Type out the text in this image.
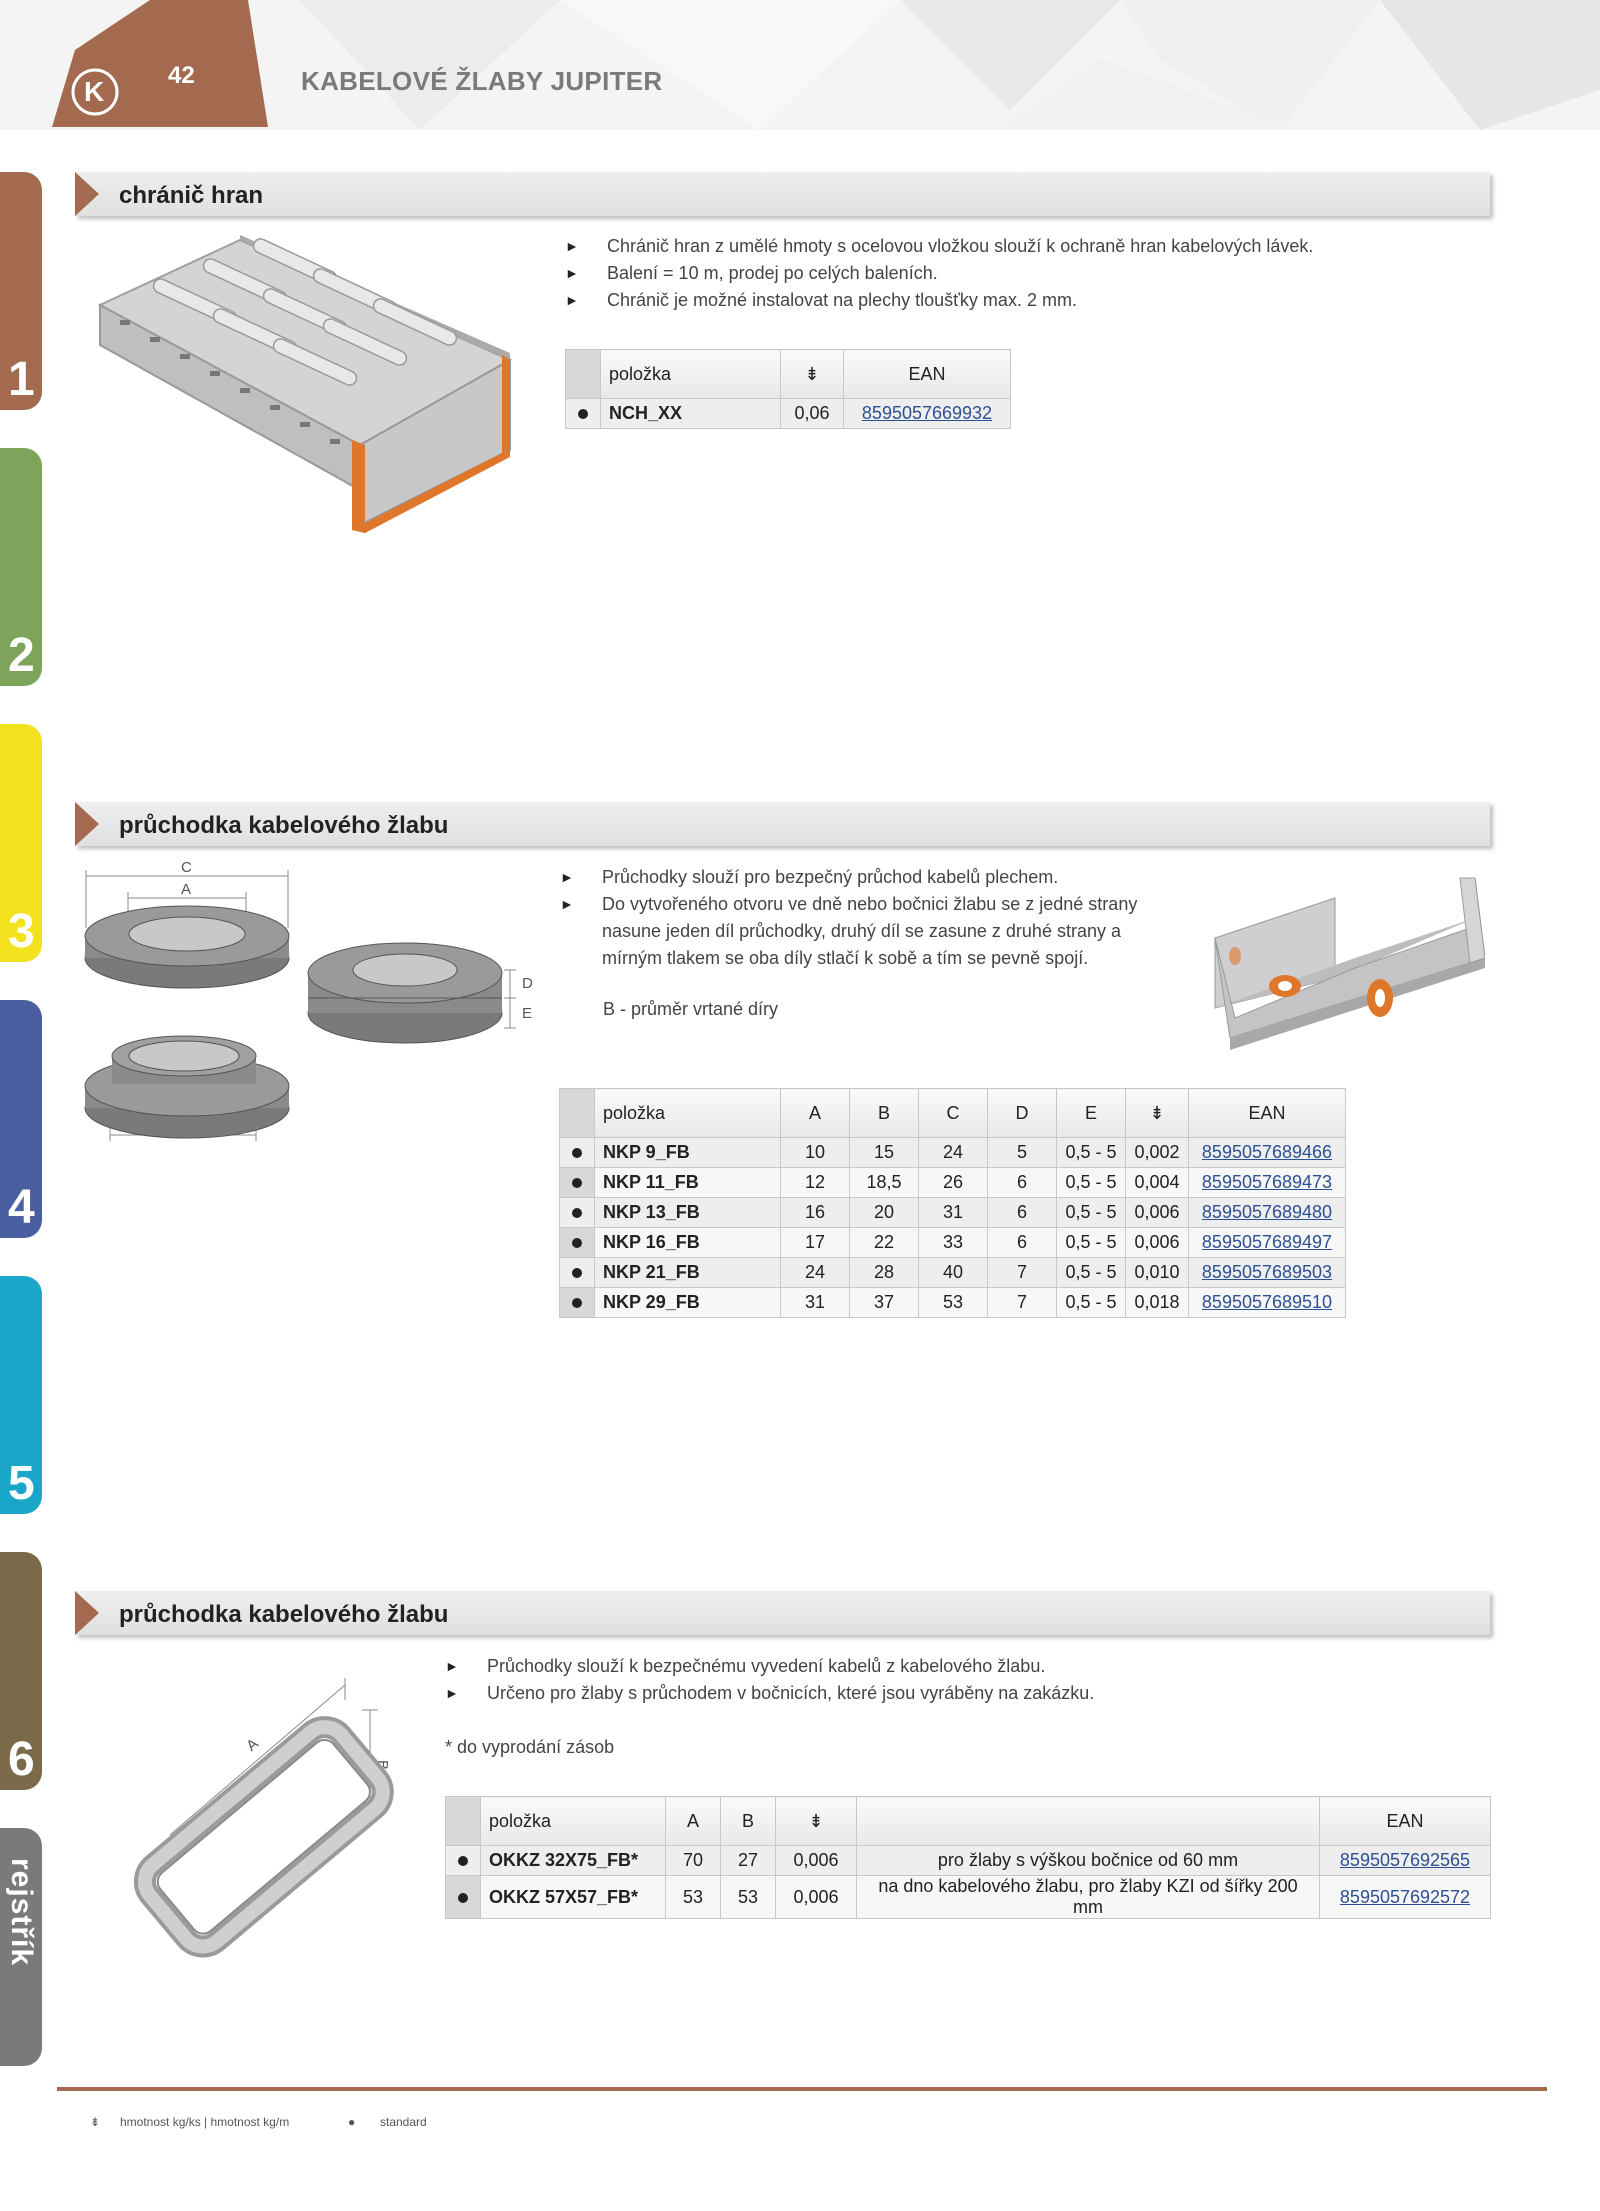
K
42	KABELOVÉ ŽLABY JUPITER
1
2
3
4
5
6
rejstřík
chránič hran
► Chránič hran z umělé hmoty s ocelovou vložkou slouží k ochraně hran kabelových lávek.
► Balení = 10 m, prodej po celých baleních.
► Chránič je možné instalovat na plechy tloušťky max. 2 mm.
	položka	⇟	EAN
	NCH_XX	0,06	8595057669932
průchodka kabelového žlabu
C
A
D
E
► Průchodky slouží pro bezpečný průchod kabelů plechem.
► Do vytvořeného otvoru ve dně nebo bočnici žlabu se z jedné strany nasune jeden díl průchodky, druhý díl se zasune z druhé strany a mírným tlakem se oba díly stlačí k sobě a tím se pevně spojí.
B - průměr vrtané díry
	položka	A	B	C	D	E	⇟	EAN
	NKP 9_FB	10	15	24	5	0,5 - 5	0,002	8595057689466
	NKP 11_FB	12	18,5	26	6	0,5 - 5	0,004	8595057689473
	NKP 13_FB	16	20	31	6	0,5 - 5	0,006	8595057689480
	NKP 16_FB	17	22	33	6	0,5 - 5	0,006	8595057689497
	NKP 21_FB	24	28	40	7	0,5 - 5	0,010	8595057689503
	NKP 29_FB	31	37	53	7	0,5 - 5	0,018	8595057689510
průchodka kabelového žlabu
A
B
► Průchodky slouží k bezpečnému vyvedení kabelů z kabelového žlabu.
► Určeno pro žlaby s průchodem v bočnicích, které jsou vyráběny na zakázku.
* do vyprodání zásob
	položka	A	B	⇟		EAN
	OKKZ 32X75_FB*	70	27	0,006	pro žlaby s výškou bočnice od 60 mm	8595057692565
	OKKZ 57X57_FB*	53	53	0,006	na dno kabelového žlabu, pro žlaby KZI od šířky 200 mm	8595057692572
⇟ hmotnost kg/ks | hmotnost kg/m	● standard
